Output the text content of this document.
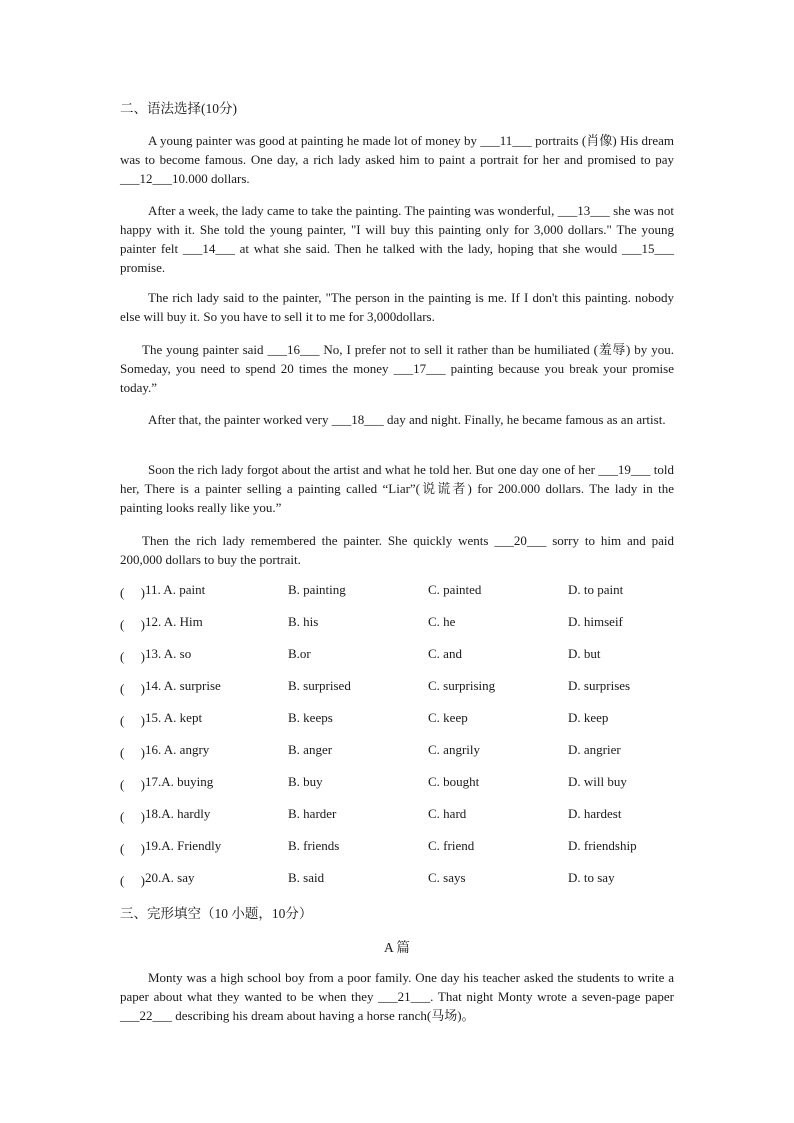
二、语法选择(10分)

A young painter was good at painting he made lot of money by ___11___ portraits (肖像) His dream was to become famous. One day, a rich lady asked him to paint a portrait for her and promised to pay ___12___10.000 dollars.

After a week, the lady came to take the painting. The painting was wonderful, ___13___ she was not happy with it. She told the young painter, "I will buy this painting only for 3,000 dollars." The young painter felt ___14___ at what she said. Then he talked with the lady, hoping that she would ___15___ promise.

The rich lady said to the painter, "The person in the painting is me. If I don't this painting. nobody else will buy it. So you have to sell it to me for 3,000dollars.

The young painter said ___16___ No, I prefer not to sell it rather than be humiliated (羞辱) by you. Someday, you need to spend 20 times the money ___17___ painting because you break your promise today.”

After that, the painter worked very ___18___ day and night. Finally, he became famous as an artist.

Soon the rich lady forgot about the artist and what he told her. But one day one of her ___19___ told her, There is a painter selling a painting called “Liar”(说谎者) for 200.000 dollars. The lady in the painting looks really like you.”

Then the rich lady remembered the painter. She quickly wents ___20___ sorry to him and paid 200,000 dollars to buy the portrait.

(　 ) 11. A. paint	B. painting	C. painted	D. to paint
(　 ) 12. A. Him	B. his	C. he	D. himseif
(　 ) 13. A. so	B.or	C. and	D. but
(　 ) 14. A. surprise	B. surprised	C. surprising	D. surprises
(　 ) 15. A. kept	B. keeps	C. keep	D. keep
(　 ) 16. A. angry	B. anger	C. angrily	D. angrier
(　 ) 17.A. buying	B. buy	C. bought	D. will buy
(　 ) 18.A. hardly	B. harder	C. hard	D. hardest
(　 ) 19.A. Friendly	B. friends	C. friend	D. friendship
(　 ) 20.A. say	B. said	C. says	D. to say
三、完形填空（10 小题，10分）
A 篇

Monty was a high school boy from a poor family. One day his teacher asked the students to write a paper about what they wanted to be when they ___21___. That night Monty wrote a seven-page paper ___22___ describing his dream about having a horse ranch(马场)。
